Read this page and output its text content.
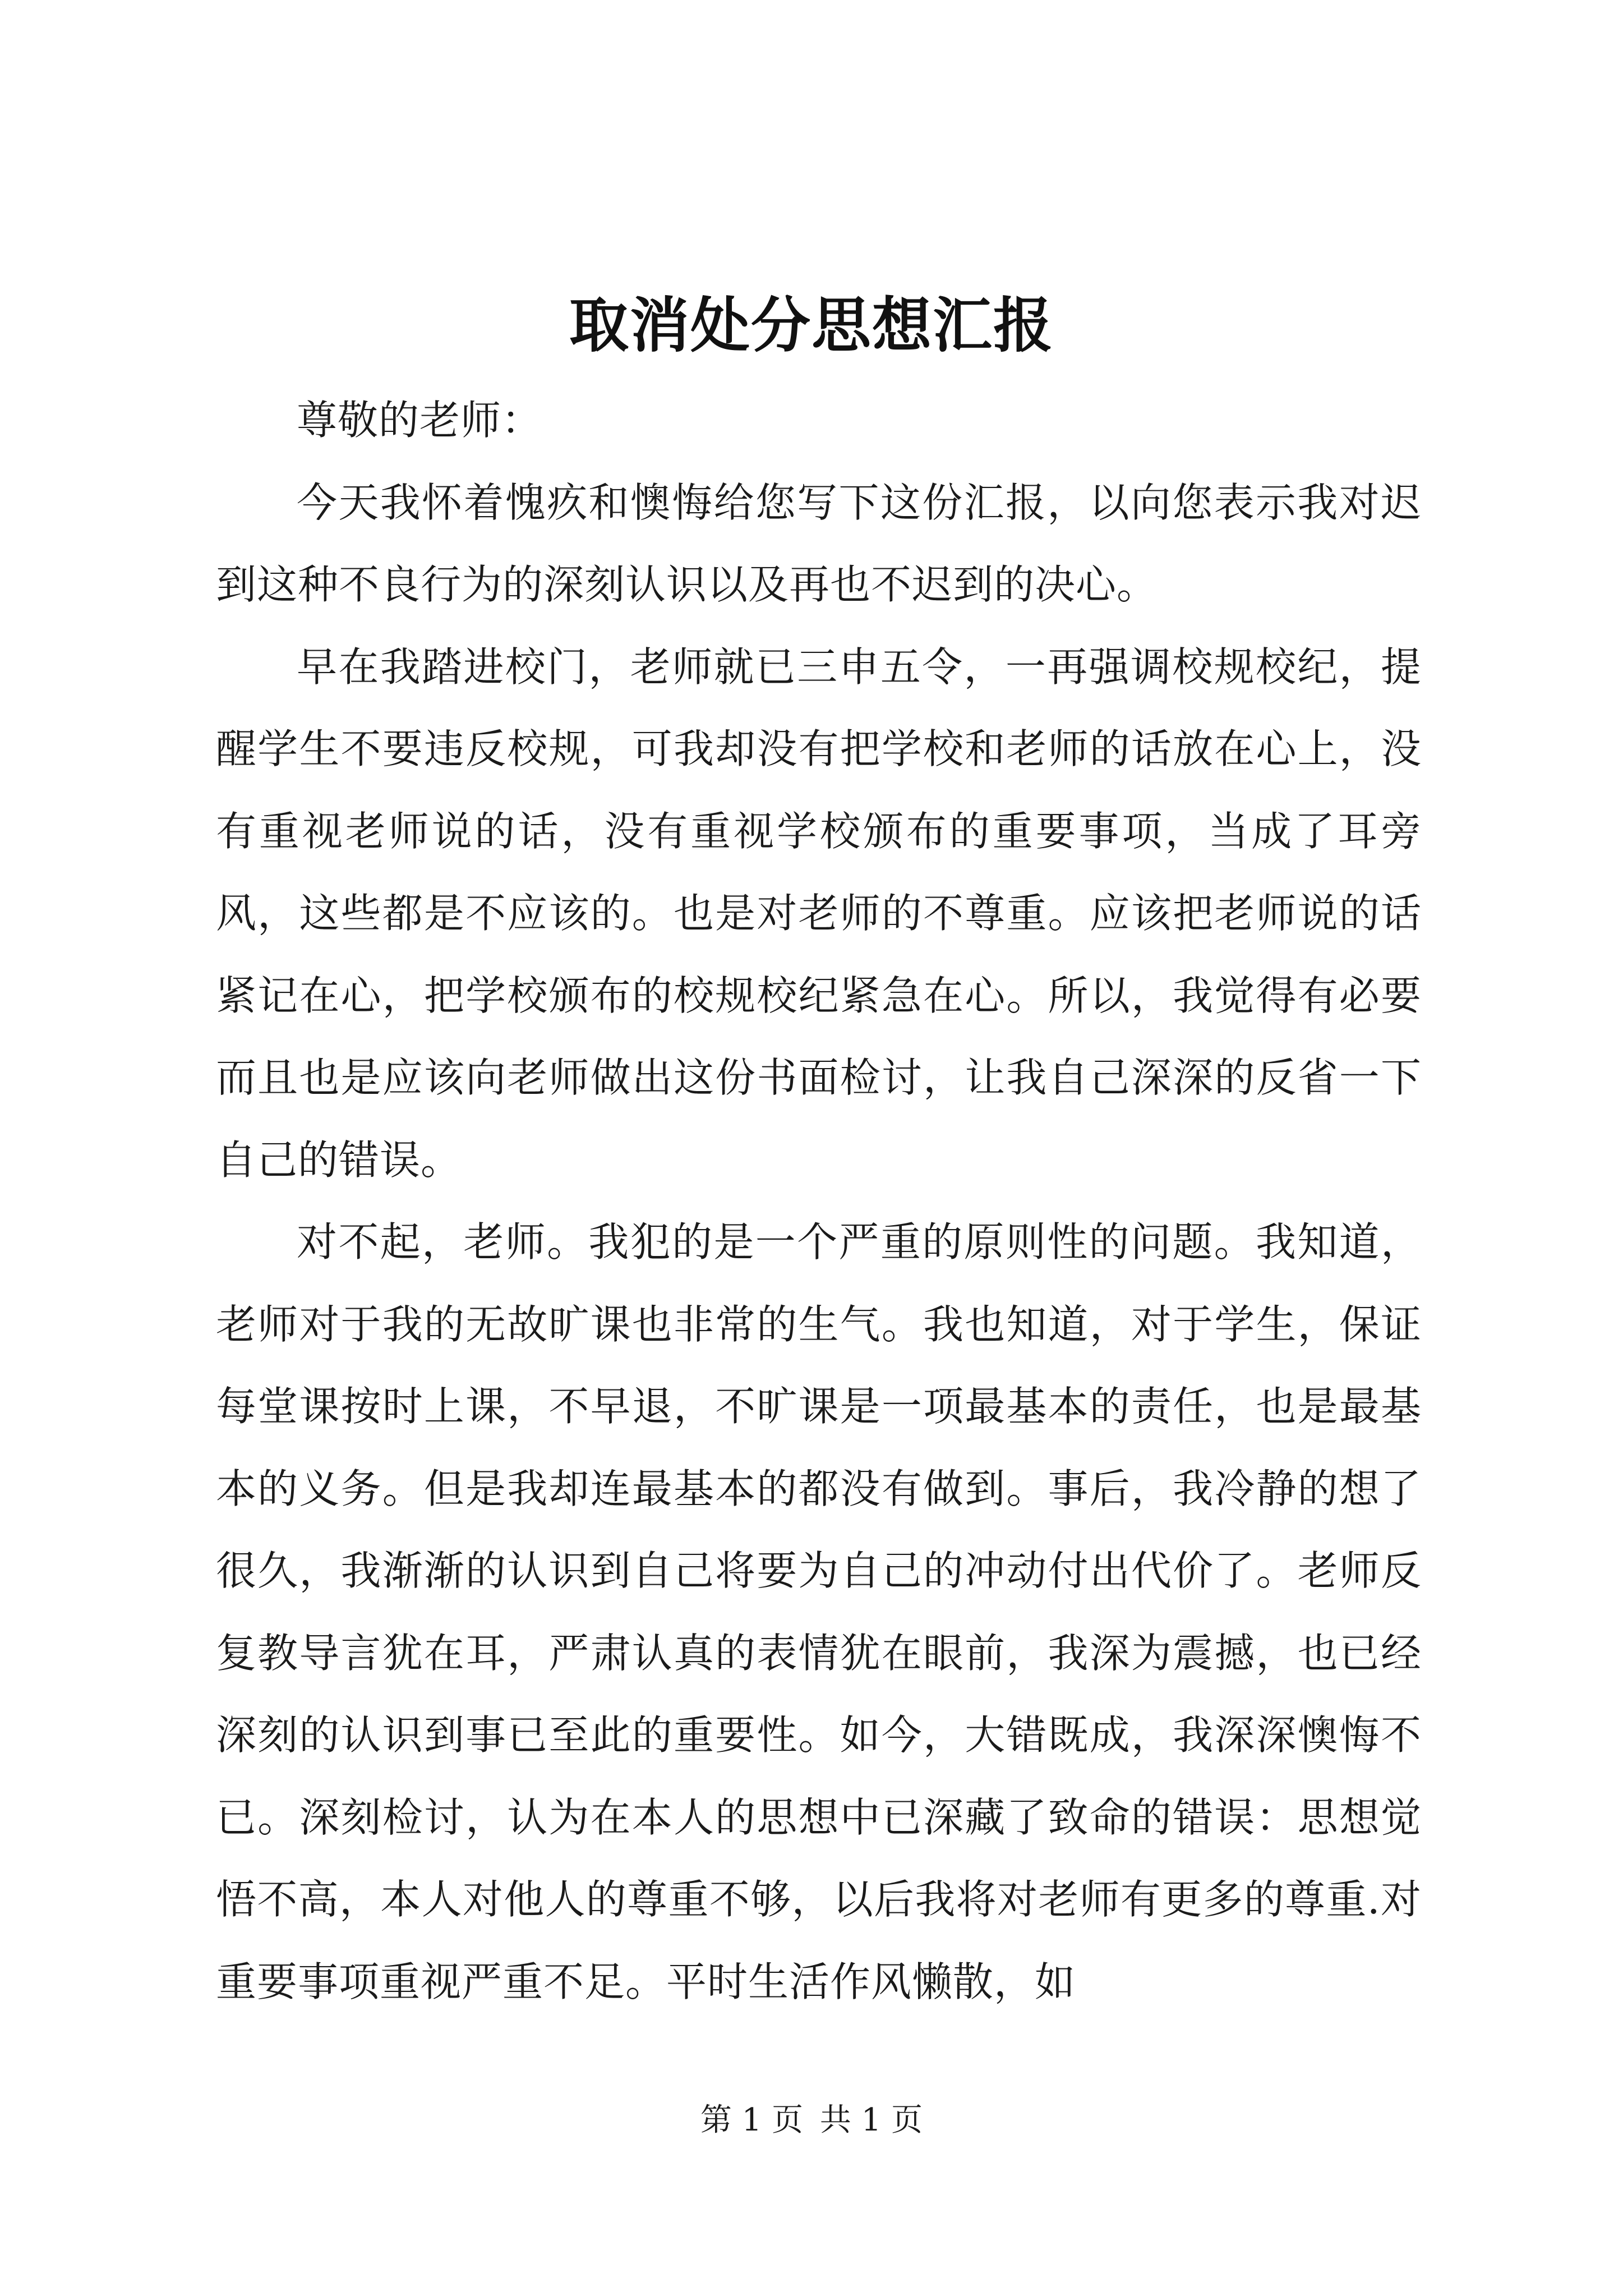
取消处分思想汇报

尊敬的老师：

今天我怀着愧疚和懊悔给您写下这份汇报，以向您表示我对迟到这种不良行为的深刻认识以及再也不迟到的决心。

早在我踏进校门，老师就已三申五令，一再强调校规校纪，提醒学生不要违反校规，可我却没有把学校和老师的话放在心上，没有重视老师说的话，没有重视学校颁布的重要事项，当成了耳旁风，这些都是不应该的。也是对老师的不尊重。应该把老师说的话紧记在心，把学校颁布的校规校纪紧急在心。所以，我觉得有必要而且也是应该向老师做出这份书面检讨，让我自己深深的反省一下自己的错误。

对不起，老师。我犯的是一个严重的原则性的问题。我知道，老师对于我的无故旷课也非常的生气。我也知道，对于学生，保证每堂课按时上课，不早退，不旷课是一项最基本的责任，也是最基本的义务。但是我却连最基本的都没有做到。事后，我冷静的想了很久，我渐渐的认识到自己将要为自己的冲动付出代价了。老师反复教导言犹在耳，严肃认真的表情犹在眼前，我深为震撼，也已经深刻的认识到事已至此的重要性。如今，大错既成，我深深懊悔不已。深刻检讨，认为在本人的思想中已深藏了致命的错误：思想觉悟不高，本人对他人的尊重不够，以后我将对老师有更多的尊重.对重要事项重视严重不足。平时生活作风懒散，如

第 1 页 共 1 页
